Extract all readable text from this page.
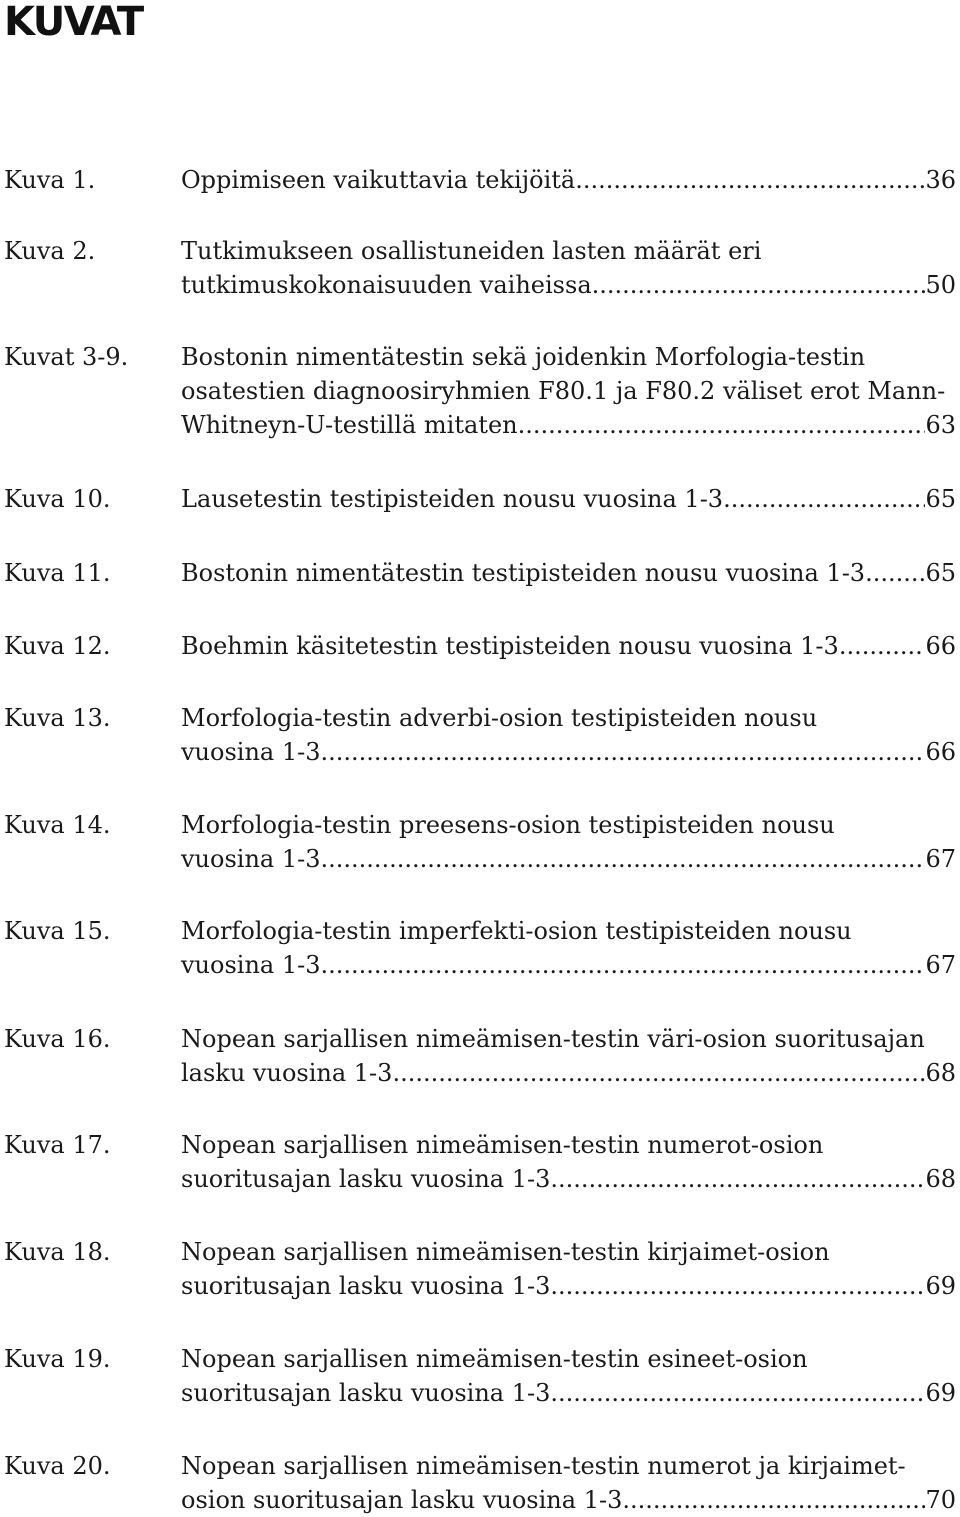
KUVAT
Kuva 1.	Oppimiseen vaikuttavia tekijöitä .....	36
Kuva 2.	Tutkimukseen osallistuneiden lasten määrät eri
tutkimuskokonaisuuden vaiheissa .....	50
Kuvat 3-9. Bostonin nimentätestin sekä joidenkin Morfologia-testin
osatestien diagnoosiryhmien F80.1 ja F80.2 väliset erot Mann-
Whitneyn-U-testillä mitaten. .....	63
Kuva 10.	Lausetestin testipisteiden nousu vuosina 1-3 .....	65
Kuva 11.	Bostonin nimentätestin testipisteiden nousu vuosina 1-3 .....	65
Kuva 12.	Boehmin käsitetestin testipisteiden nousu vuosina 1-3 .....	66
Kuva 13.	Morfologia-testin adverbi-osion testipisteiden nousu
vuosina 1-3 .....	66
Kuva 14.	Morfologia-testin preesens-osion testipisteiden nousu
vuosina 1-3 .....	67
Kuva 15.	Morfologia-testin imperfekti-osion testipisteiden nousu
vuosina 1-3 .....	67
Kuva 16.	Nopean sarjallisen nimeämisen-testin väri-osion suoritusajan
lasku vuosina 1-3 .....	68
Kuva 17.	Nopean sarjallisen nimeämisen-testin numerot-osion
suoritusajan lasku vuosina 1-3 .....	68
Kuva 18.	Nopean sarjallisen nimeämisen-testin kirjaimet-osion
suoritusajan lasku vuosina 1-3 .....	69
Kuva 19.	Nopean sarjallisen nimeämisen-testin esineet-osion
suoritusajan lasku vuosina 1-3 .....	69
Kuva 20.	Nopean sarjallisen nimeämisen-testin numerot ja kirjaimet-
osion suoritusajan lasku vuosina 1-3 .....	70
